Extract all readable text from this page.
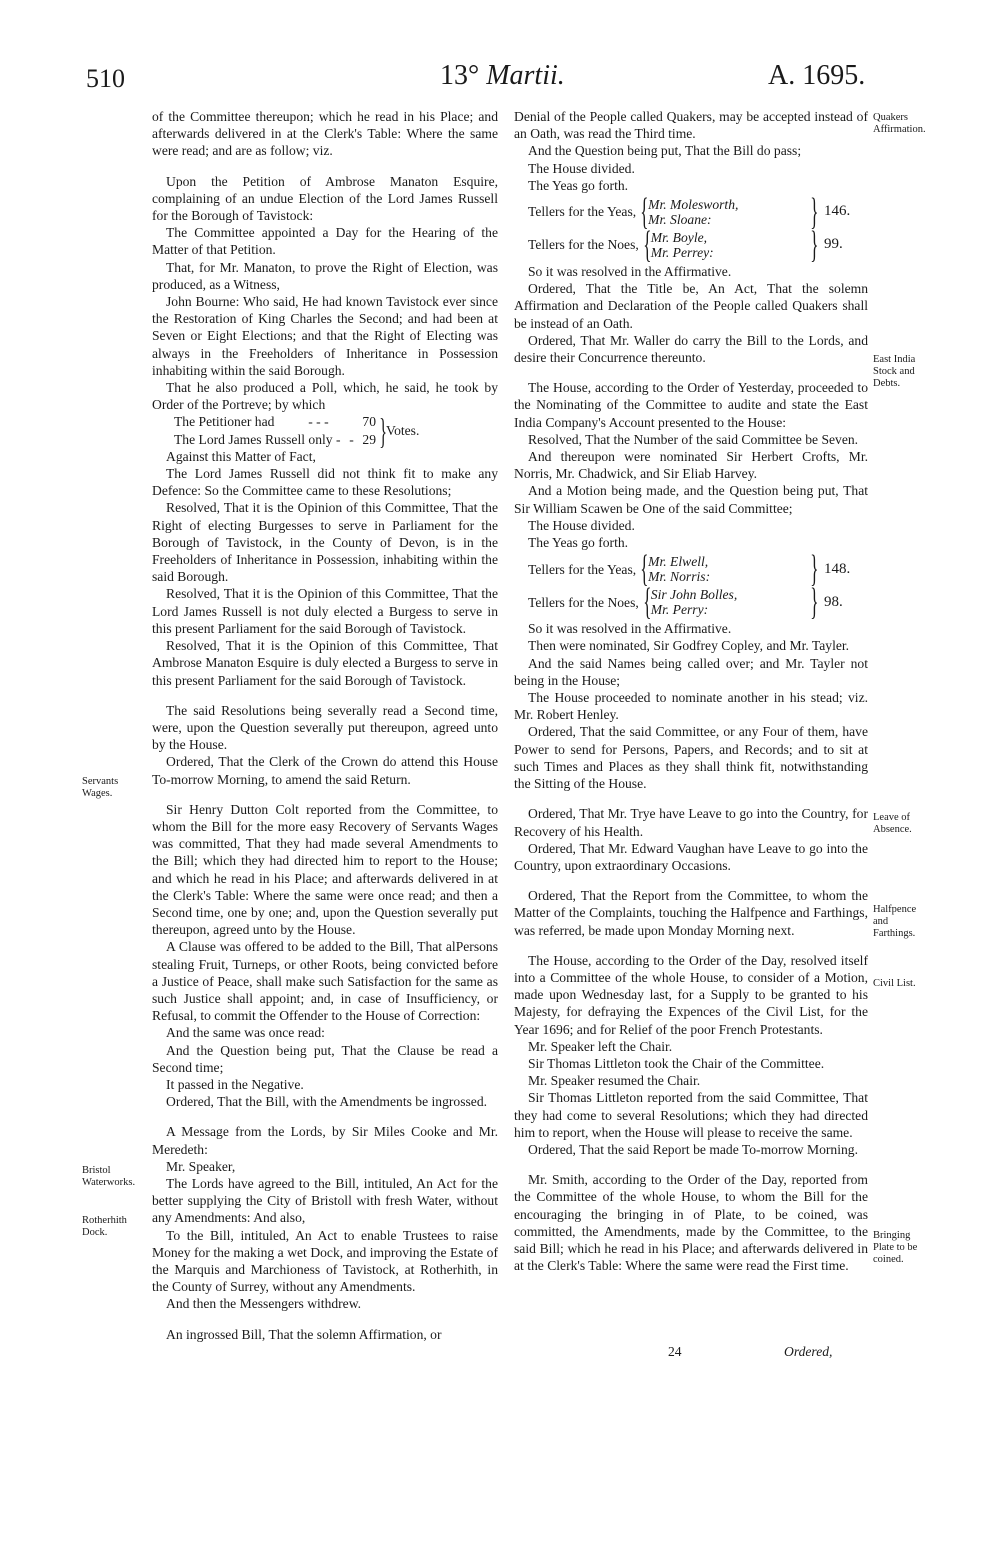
510	13° Martii.	A. 1695.

of the Committee thereupon; which he read in his Place; and afterwards delivered in at the Clerk's Table: Where the same were read; and are as follow; viz.

Upon the Petition of Ambrose Manaton Esquire, complaining of an undue Election of the Lord James Russell for the Borough of Tavistock:

The Committee appointed a Day for the Hearing of the Matter of that Petition.

That, for Mr. Manaton, to prove the Right of Election, was produced, as a Witness,

John Bourne: Who said, He had known Tavistock ever since the Restoration of King Charles the Second; and had been at Seven or Eight Elections; and that the Right of Electing was always in the Freeholders of Inheritance in Possession inhabiting within the said Borough.

That he also produced a Poll, which, he said, he took by Order of the Portreve; by which

The Petitioner had - - - 70
The Lord James Russell only - - 29 } Votes.

Against this Matter of Fact,

The Lord James Russell did not think fit to make any Defence: So the Committee came to these Resolutions;

Resolved, That it is the Opinion of this Committee, That the Right of electing Burgesses to serve in Parliament for the Borough of Tavistock, in the County of Devon, is in the Freeholders of Inheritance in Possession, inhabiting within the said Borough.

Resolved, That it is the Opinion of this Committee, That the Lord James Russell is not duly elected a Burgess to serve in this present Parliament for the said Borough of Tavistock.

Resolved, That it is the Opinion of this Committee, That Ambrose Manaton Esquire is duly elected a Burgess to serve in this present Parliament for the said Borough of Tavistock.

The said Resolutions being severally read a Second time, were, upon the Question severally put thereupon, agreed unto by the House.

Ordered, That the Clerk of the Crown do attend this House To-morrow Morning, to amend the said Return.

Sir Henry Dutton Colt reported from the Committee, to whom the Bill for the more easy Recovery of Servants Wages was committed, That they had made several Amendments to the Bill; which they had directed him to report to the House; and which he read in his Place; and afterwards delivered in at the Clerk's Table: Where the same were once read; and then a Second time, one by one; and, upon the Question severally put thereupon, agreed unto by the House.

A Clause was offered to be added to the Bill, That alPersons stealing Fruit, Turneps, or other Roots, being convicted before a Justice of Peace, shall make such Satisfaction for the same as such Justice shall appoint; and, in case of Insufficiency, or Refusal, to commit the Offender to the House of Correction:

And the same was once read:

And the Question being put, That the Clause be read a Second time;

It passed in the Negative.

Ordered, That the Bill, with the Amendments be ingrossed.

A Message from the Lords, by Sir Miles Cooke and Mr. Meredeth:

Mr. Speaker,

The Lords have agreed to the Bill, intituled, An Act for the better supplying the City of Bristoll with fresh Water, without any Amendments: And also,

To the Bill, intituled, An Act to enable Trustees to raise Money for the making a wet Dock, and improving the Estate of the Marquis and Marchioness of Tavistock, at Rotherhith, in the County of Surrey, without any Amendments.

And then the Messengers withdrew.

An ingrossed Bill, That the solemn Affirmation, or

Denial of the People called Quakers, may be accepted instead of an Oath, was read the Third time.

And the Question being put, That the Bill do pass;

The House divided.

The Yeas go forth.

Tellers for the Yeas, { Mr. Molesworth,
Mr. Sloane:	} 146.
Tellers for the Noes, { Mr. Boyle,
Mr. Perrey:	} 99.

So it was resolved in the Affirmative.

Ordered, That the Title be, An Act, That the solemn Affirmation and Declaration of the People called Quakers shall be instead of an Oath.

Ordered, That Mr. Waller do carry the Bill to the Lords, and desire their Concurrence thereunto.

The House, according to the Order of Yesterday, proceeded to the Nominating of the Committee to audite and state the East India Company's Account presented to the House:

Resolved, That the Number of the said Committee be Seven.

And thereupon were nominated Sir Herbert Crofts, Mr. Norris, Mr. Chadwick, and Sir Eliab Harvey.

And a Motion being made, and the Question being put, That Sir William Scawen be One of the said Committee;

The House divided.

The Yeas go forth.

Tellers for the Yeas, { Mr. Elwell,
Mr. Norris:	} 148.
Tellers for the Noes, { Sir John Bolles,
Mr. Perry:	} 98.

So it was resolved in the Affirmative.

Then were nominated, Sir Godfrey Copley, and Mr. Tayler.

And the said Names being called over; and Mr. Tayler not being in the House;

The House proceeded to nominate another in his stead; viz. Mr. Robert Henley.

Ordered, That the said Committee, or any Four of them, have Power to send for Persons, Papers, and Records; and to sit at such Times and Places as they shall think fit, notwithstanding the Sitting of the House.

Ordered, That Mr. Trye have Leave to go into the Country, for Recovery of his Health.

Ordered, That Mr. Edward Vaughan have Leave to go into the Country, upon extraordinary Occasions.

Ordered, That the Report from the Committee, to whom the Matter of the Complaints, touching the Halfpence and Farthings, was referred, be made upon Monday Morning next.

The House, according to the Order of the Day, resolved itself into a Committee of the whole House, to consider of a Motion, made upon Wednesday last, for a Supply to be granted to his Majesty, for defraying the Expences of the Civil List, for the Year 1696; and for Relief of the poor French Protestants.

Mr. Speaker left the Chair.

Sir Thomas Littleton took the Chair of the Committee.

Mr. Speaker resumed the Chair.

Sir Thomas Littleton reported from the said Committee, That they had come to several Resolutions; which they had directed him to report, when the House will please to receive the same.

Ordered, That the said Report be made To-morrow Morning.

Mr. Smith, according to the Order of the Day, reported from the Committee of the whole House, to whom the Bill for the encouraging the bringing in of Plate, to be coined, was committed, the Amendments, made by the Committee, to the said Bill; which he read in his Place; and afterwards delivered in at the Clerk's Table: Where the same were read the First time.

Servants
Wages.
Bristol
Waterworks.
Rotherhith
Dock.
Quakers
Affirmation.
East India
Stock and
Debts.
Leave of
Absence.
Halfpence
and
Farthings.
Civil List.
Bringing
Plate to be
coined.
24	Ordered,
